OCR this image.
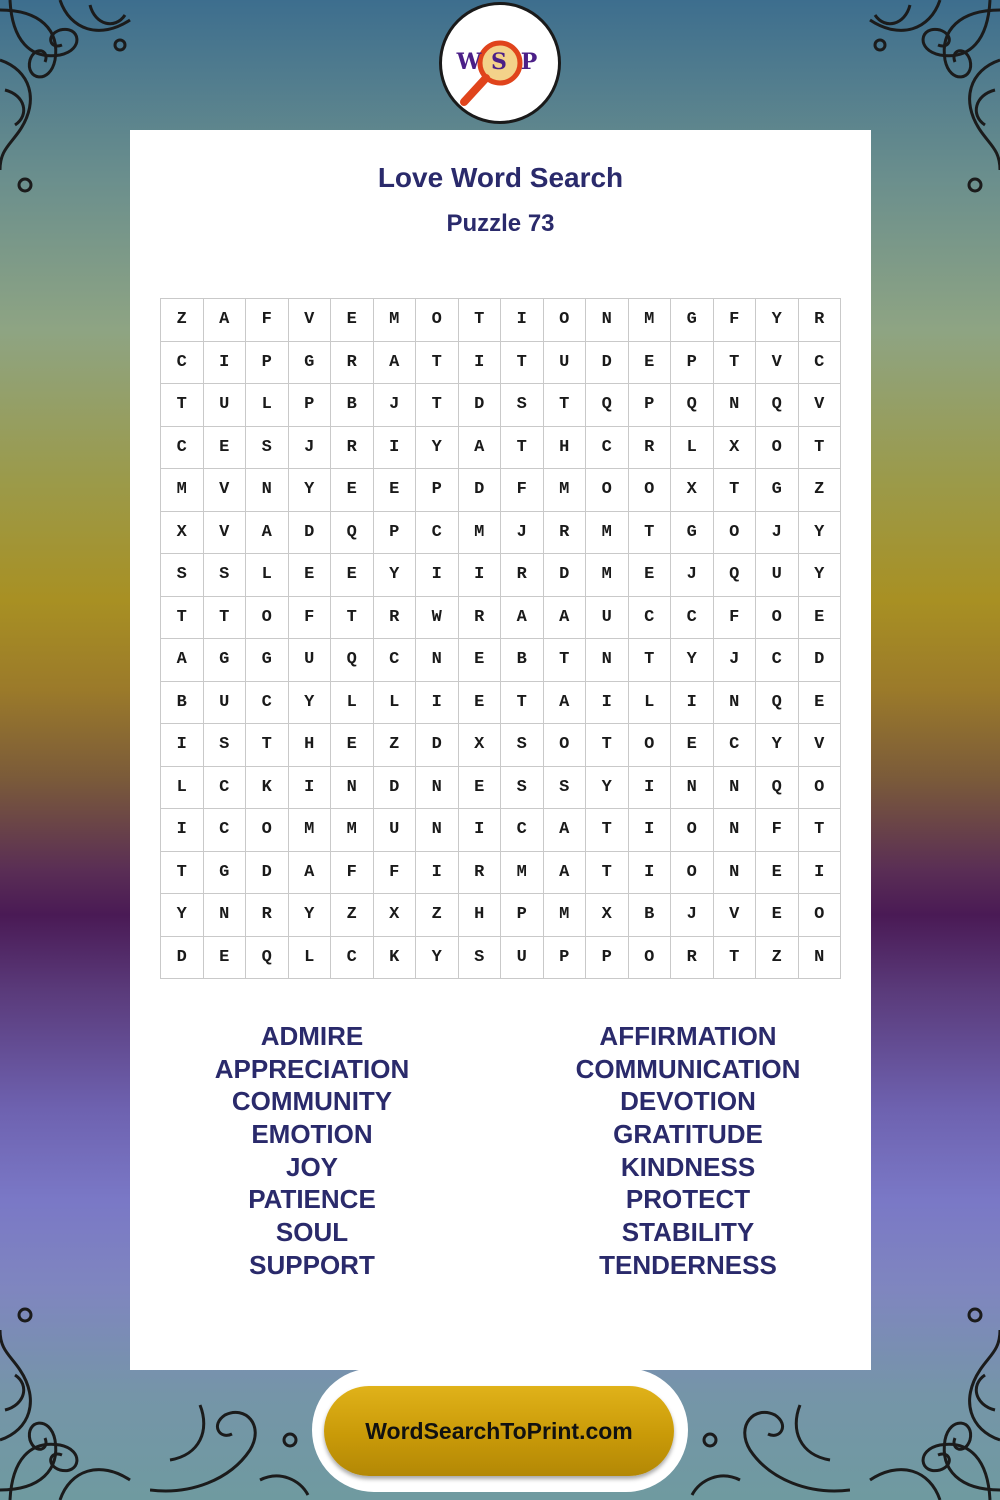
W S P
Love Word Search
Puzzle 73
Z	A	F	V	E	M	O	T	I	O	N	M	G	F	Y	R
C	I	P	G	R	A	T	I	T	U	D	E	P	T	V	C
T	U	L	P	B	J	T	D	S	T	Q	P	Q	N	Q	V
C	E	S	J	R	I	Y	A	T	H	C	R	L	X	O	T
M	V	N	Y	E	E	P	D	F	M	O	O	X	T	G	Z
X	V	A	D	Q	P	C	M	J	R	M	T	G	O	J	Y
S	S	L	E	E	Y	I	I	R	D	M	E	J	Q	U	Y
T	T	O	F	T	R	W	R	A	A	U	C	C	F	O	E
A	G	G	U	Q	C	N	E	B	T	N	T	Y	J	C	D
B	U	C	Y	L	L	I	E	T	A	I	L	I	N	Q	E
I	S	T	H	E	Z	D	X	S	O	T	O	E	C	Y	V
L	C	K	I	N	D	N	E	S	S	Y	I	N	N	Q	O
I	C	O	M	M	U	N	I	C	A	T	I	O	N	F	T
T	G	D	A	F	F	I	R	M	A	T	I	O	N	E	I
Y	N	R	Y	Z	X	Z	H	P	M	X	B	J	V	E	O
D	E	Q	L	C	K	Y	S	U	P	P	O	R	T	Z	N
ADMIRE
APPRECIATION
COMMUNITY
EMOTION
JOY
PATIENCE
SOUL
SUPPORT
AFFIRMATION
COMMUNICATION
DEVOTION
GRATITUDE
KINDNESS
PROTECT
STABILITY
TENDERNESS
WordSearchToPrint.com
